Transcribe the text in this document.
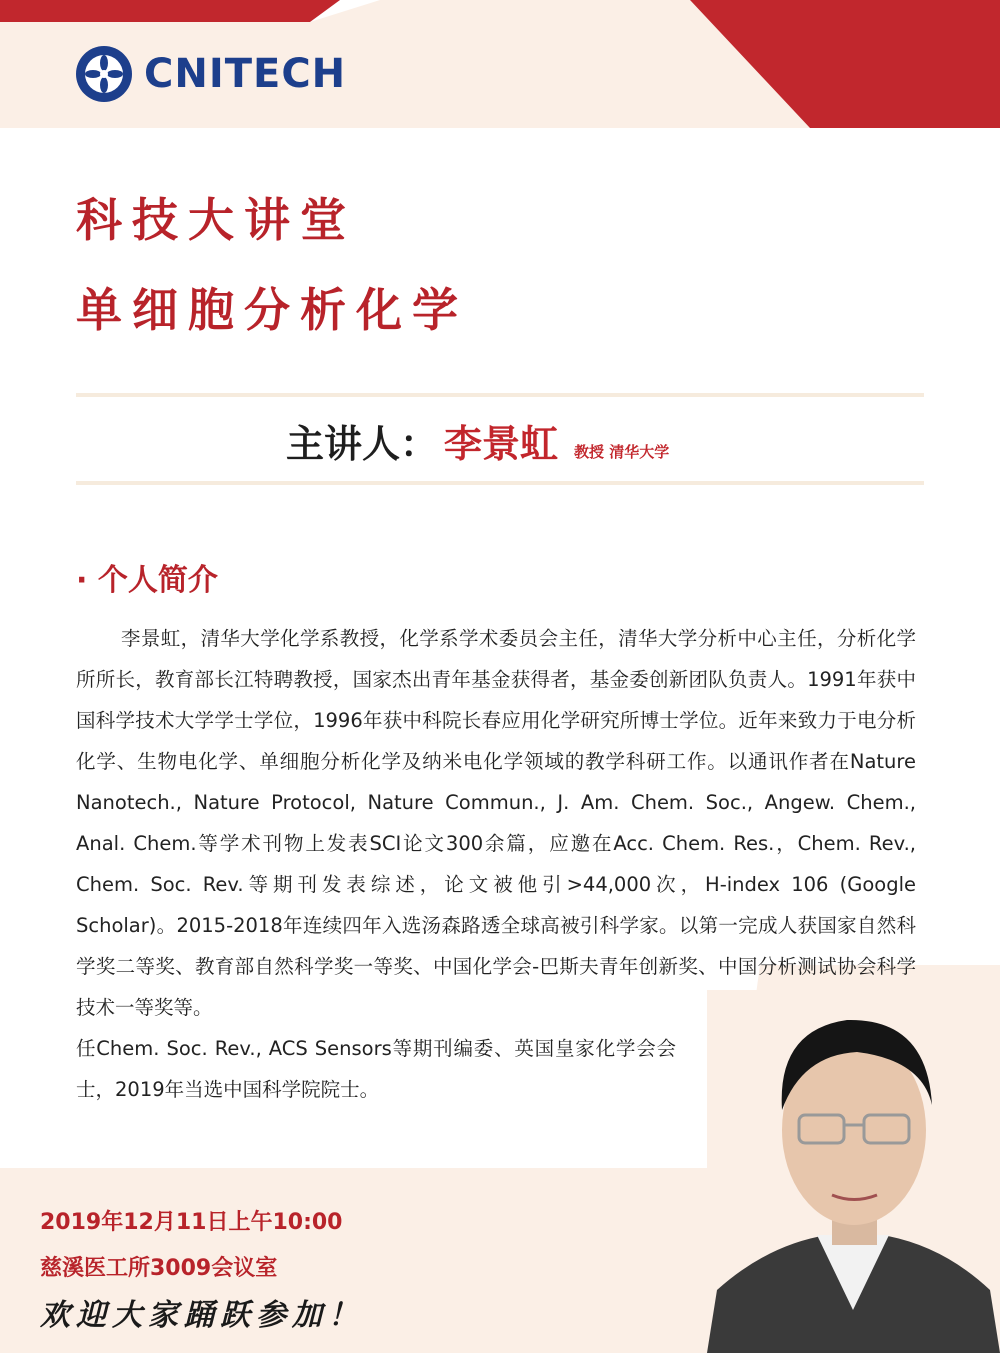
CNITECH
科技大讲堂
单细胞分析化学
主讲人： 李景虹 教授 清华大学
· 个人简介

李景虹，清华大学化学系教授，化学系学术委员会主任，清华大学分析中心主任，分析化学所所长，教育部长江特聘教授，国家杰出青年基金获得者，基金委创新团队负责人。1991年获中国科学技术大学学士学位，1996年获中科院长春应用化学研究所博士学位。近年来致力于电分析化学、生物电化学、单细胞分析化学及纳米电化学领域的教学科研工作。以通讯作者在Nature Nanotech., Nature Protocol, Nature Commun., J. Am. Chem. Soc., Angew. Chem., Anal. Chem.等学术刊物上发表SCI论文300余篇，应邀在Acc. Chem. Res.，Chem. Rev., Chem. Soc. Rev.等期刊发表综述，论文被他引>44,000次，H-index 106 (Google Scholar)。2015-2018年连续四年入选汤森路透全球高被引科学家。以第一完成人获国家自然科学奖二等奖、教育部自然科学奖一等奖、中国化学会-巴斯夫青年创新奖、中国分析测试协会科学技术一等奖等。

任Chem. Soc. Rev., ACS Sensors等期刊编委、英国皇家化学会会士，2019年当选中国科学院院士。

2019年12月11日上午10:00
慈溪医工所3009会议室
欢迎大家踊跃参加！
